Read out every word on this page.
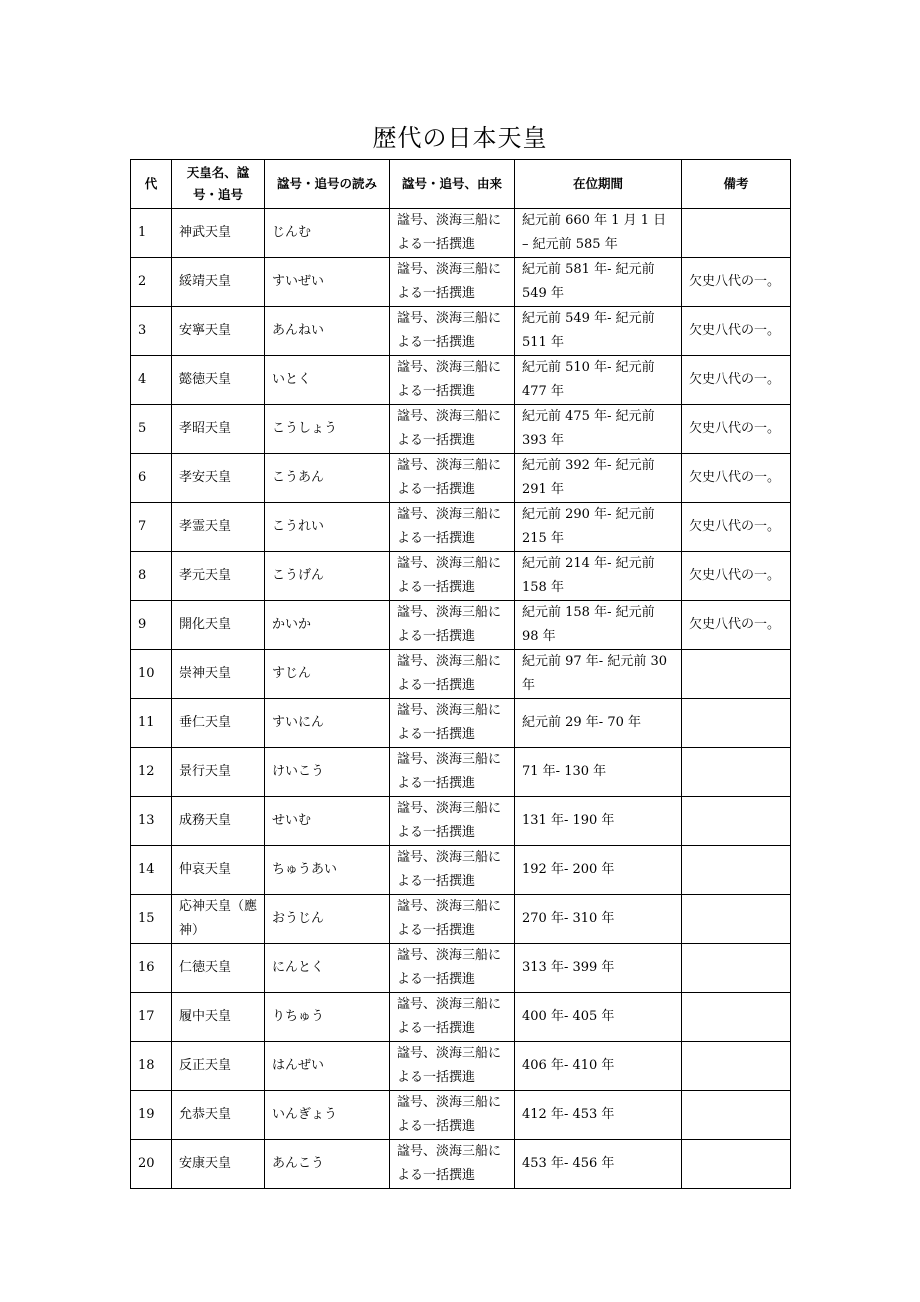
歴代の日本天皇
代	天皇名、諡号・追号	諡号・追号の読み	諡号・追号、由来	在位期間	備考
1	神武天皇	じんむ	諡号、淡海三船による一括撰進	紀元前 660 年 1 月 1 日 – 紀元前 585 年	
2	綏靖天皇	すいぜい	諡号、淡海三船による一括撰進	紀元前 581 年- 紀元前 549 年	欠史八代の一。
3	安寧天皇	あんねい	諡号、淡海三船による一括撰進	紀元前 549 年- 紀元前 511 年	欠史八代の一。
4	懿徳天皇	いとく	諡号、淡海三船による一括撰進	紀元前 510 年- 紀元前 477 年	欠史八代の一。
5	孝昭天皇	こうしょう	諡号、淡海三船による一括撰進	紀元前 475 年- 紀元前 393 年	欠史八代の一。
6	孝安天皇	こうあん	諡号、淡海三船による一括撰進	紀元前 392 年- 紀元前 291 年	欠史八代の一。
7	孝霊天皇	こうれい	諡号、淡海三船による一括撰進	紀元前 290 年- 紀元前 215 年	欠史八代の一。
8	孝元天皇	こうげん	諡号、淡海三船による一括撰進	紀元前 214 年- 紀元前 158 年	欠史八代の一。
9	開化天皇	かいか	諡号、淡海三船による一括撰進	紀元前 158 年- 紀元前 98 年	欠史八代の一。
10	崇神天皇	すじん	諡号、淡海三船による一括撰進	紀元前 97 年- 紀元前 30 年	
11	垂仁天皇	すいにん	諡号、淡海三船による一括撰進	紀元前 29 年- 70 年	
12	景行天皇	けいこう	諡号、淡海三船による一括撰進	71 年- 130 年	
13	成務天皇	せいむ	諡号、淡海三船による一括撰進	131 年- 190 年	
14	仲哀天皇	ちゅうあい	諡号、淡海三船による一括撰進	192 年- 200 年	
15	応神天皇（應神）	おうじん	諡号、淡海三船による一括撰進	270 年- 310 年	
16	仁徳天皇	にんとく	諡号、淡海三船による一括撰進	313 年- 399 年	
17	履中天皇	りちゅう	諡号、淡海三船による一括撰進	400 年- 405 年	
18	反正天皇	はんぜい	諡号、淡海三船による一括撰進	406 年- 410 年	
19	允恭天皇	いんぎょう	諡号、淡海三船による一括撰進	412 年- 453 年	
20	安康天皇	あんこう	諡号、淡海三船による一括撰進	453 年- 456 年	
